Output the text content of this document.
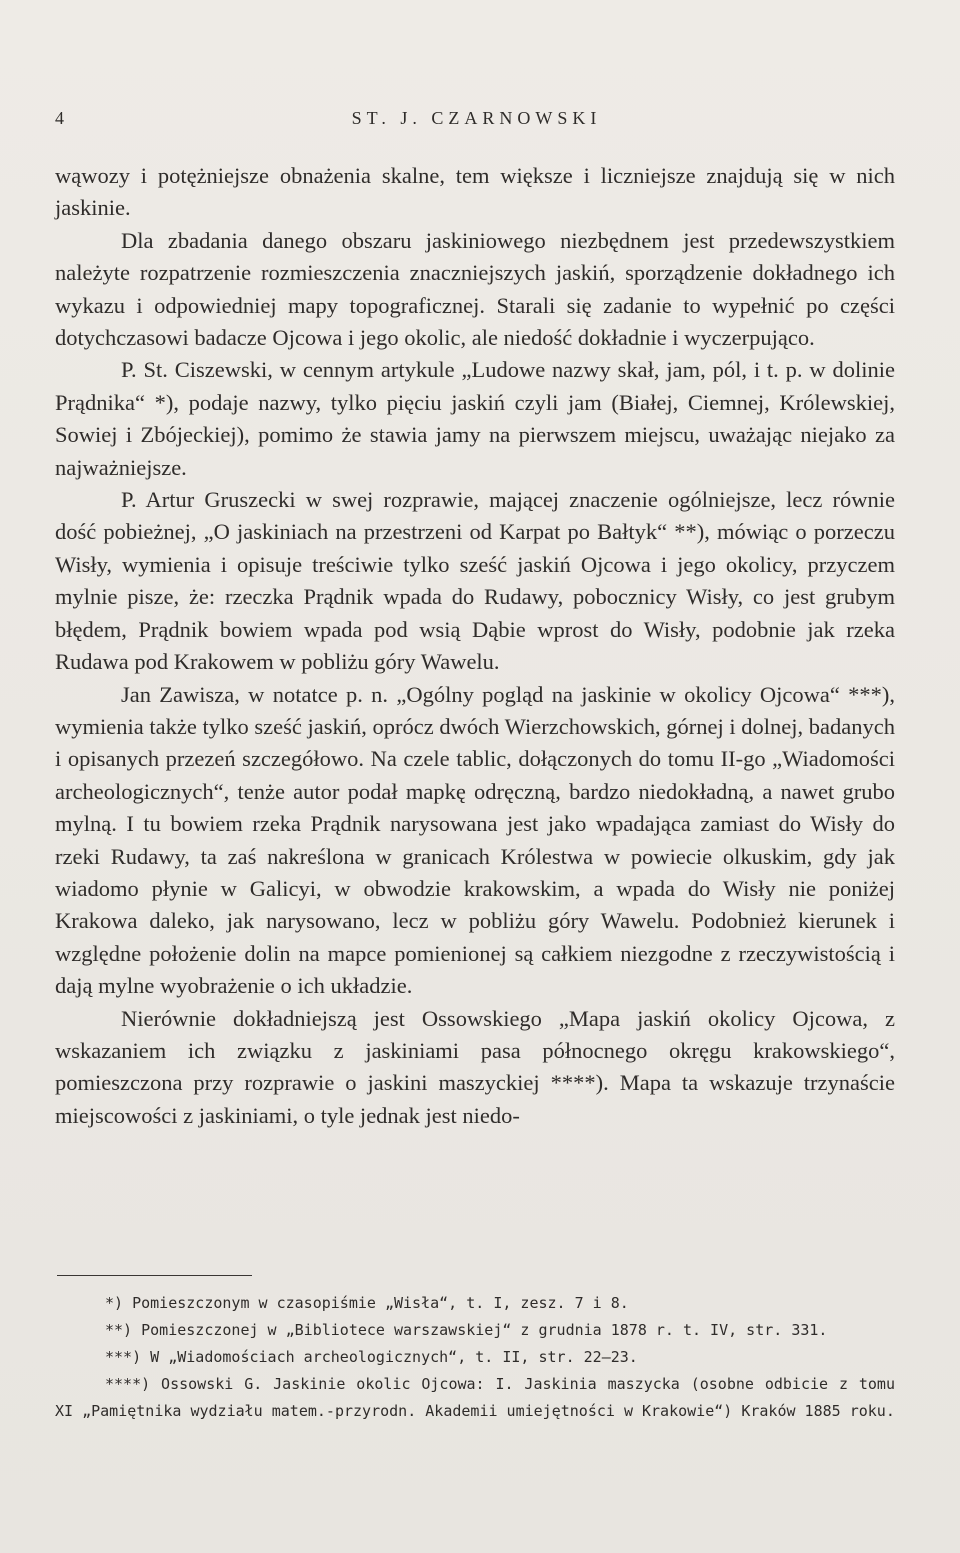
4	ST. J. CZARNOWSKI

wąwozy i potężniejsze obnażenia skalne, tem większe i liczniejsze znajdują się w nich jaskinie.

Dla zbadania danego obszaru jaskiniowego niezbędnem jest przedewszystkiem należyte rozpatrzenie rozmieszczenia znaczniejszych jaskiń, sporządzenie dokładnego ich wykazu i odpowiedniej mapy topograficznej. Starali się zadanie to wypełnić po części dotychczasowi badacze Ojcowa i jego okolic, ale niedość dokładnie i wyczerpująco.

P. St. Ciszewski, w cennym artykule „Ludowe nazwy skał, jam, pól, i t. p. w dolinie Prądnika“ *), podaje nazwy, tylko pięciu jaskiń czyli jam (Białej, Ciemnej, Królewskiej, Sowiej i Zbójeckiej), pomimo że stawia jamy na pierwszem miejscu, uważając niejako za najważniejsze.

P. Artur Gruszecki w swej rozprawie, mającej znaczenie ogólniejsze, lecz równie dość pobieżnej, „O jaskiniach na przestrzeni od Karpat po Bałtyk“ **), mówiąc o porzeczu Wisły, wymienia i opisuje treściwie tylko sześć jaskiń Ojcowa i jego okolicy, przyczem mylnie pisze, że: rzeczka Prądnik wpada do Rudawy, pobocznicy Wisły, co jest grubym błędem, Prądnik bowiem wpada pod wsią Dąbie wprost do Wisły, podobnie jak rzeka Rudawa pod Krakowem w pobliżu góry Wawelu.

Jan Zawisza, w notatce p. n. „Ogólny pogląd na jaskinie w okolicy Ojcowa“ ***), wymienia także tylko sześć jaskiń, oprócz dwóch Wierzchowskich, górnej i dolnej, badanych i opisanych przezeń szczegółowo. Na czele tablic, dołączonych do tomu II-go „Wiadomości archeologicznych“, tenże autor podał mapkę odręczną, bardzo niedokładną, a nawet grubo mylną. I tu bowiem rzeka Prądnik narysowana jest jako wpadająca zamiast do Wisły do rzeki Rudawy, ta zaś nakreślona w granicach Królestwa w powiecie olkuskim, gdy jak wiadomo płynie w Galicyi, w obwodzie krakowskim, a wpada do Wisły nie poniżej Krakowa daleko, jak narysowano, lecz w pobliżu góry Wawelu. Podobnież kierunek i względne położenie dolin na mapce pomienionej są całkiem niezgodne z rzeczywistością i dają mylne wyobrażenie o ich układzie.

Nierównie dokładniejszą jest Ossowskiego „Mapa jaskiń okolicy Ojcowa, z wskazaniem ich związku z jaskiniami pasa północnego okręgu krakowskiego“, pomieszczona przy rozprawie o jaskini maszyckiej ****). Mapa ta wskazuje trzynaście miejscowości z jaskiniami, o tyle jednak jest niedo-

*) Pomieszczonym w czasopiśmie „Wisła“, t. I, zesz. 7 i 8.

**) Pomieszczonej w „Bibliotece warszawskiej“ z grudnia 1878 r. t. IV, str. 331.

***) W „Wiadomościach archeologicznych“, t. II, str. 22—23.

****) Ossowski G. Jaskinie okolic Ojcowa: I. Jaskinia maszycka (osobne odbicie z tomu XI „Pamiętnika wydziału matem.-przyrodn. Akademii umiejętności w Krakowie“) Kraków 1885 roku.
